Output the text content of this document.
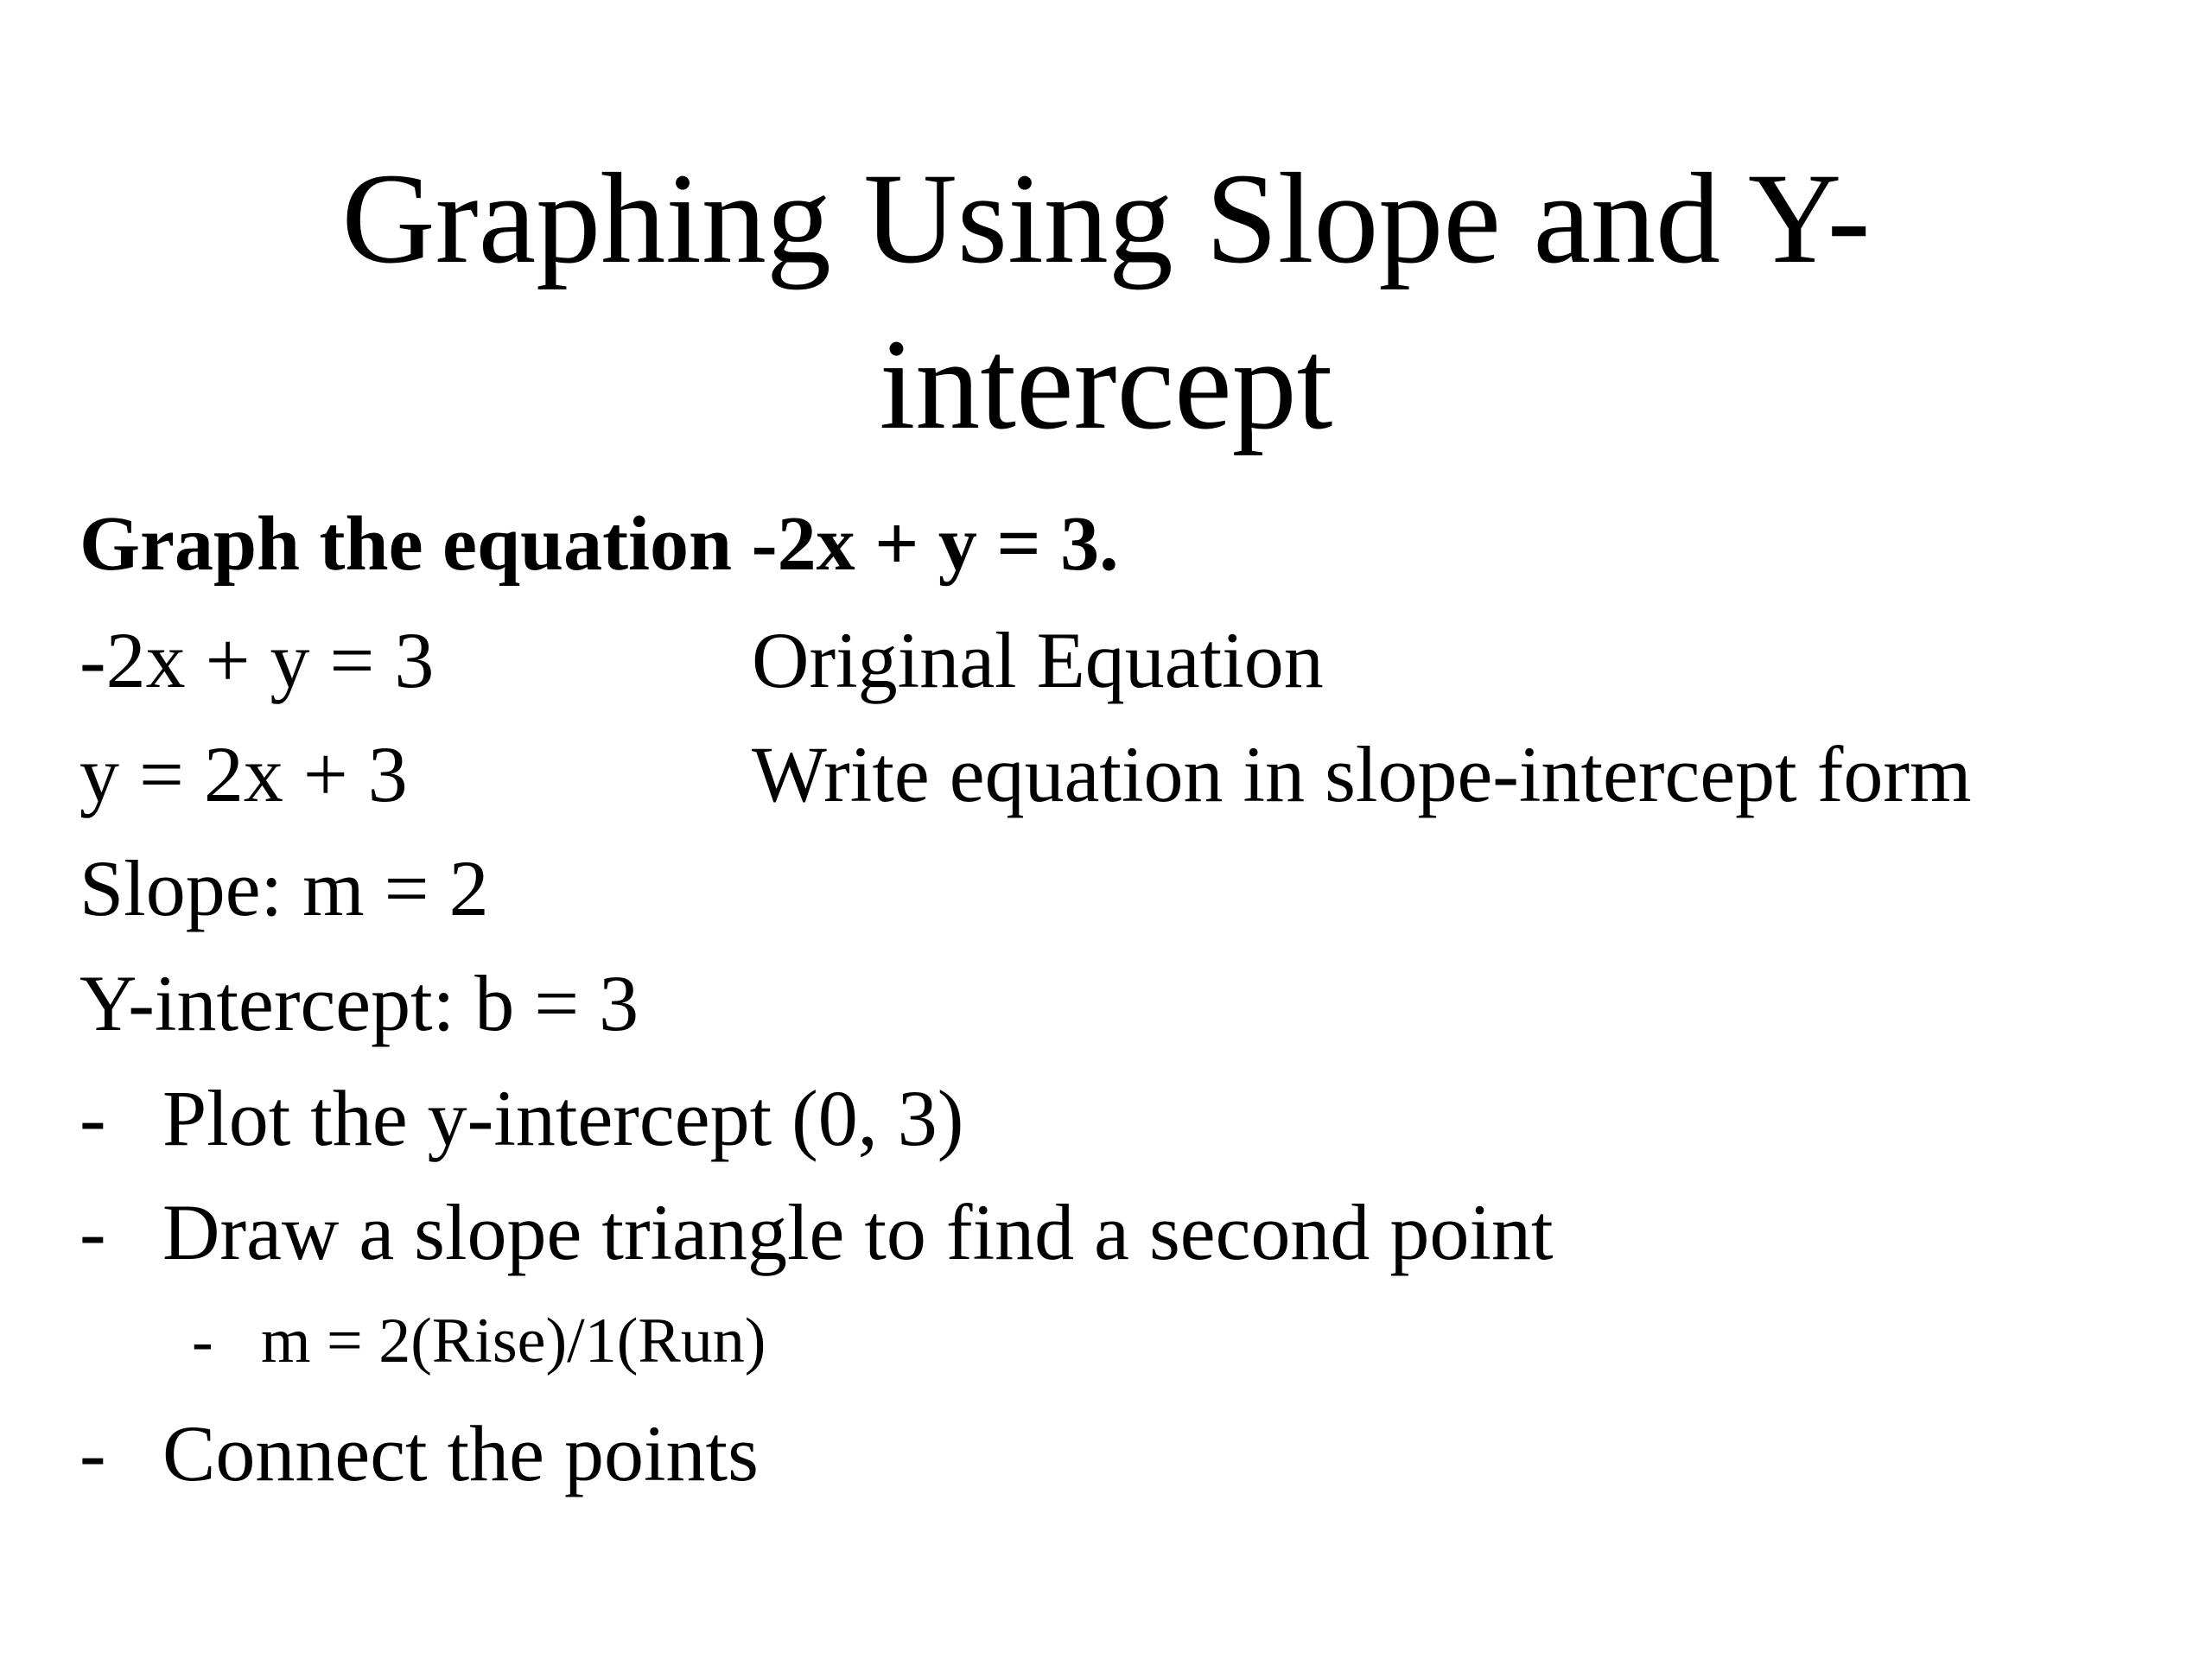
Graphing Using Slope and Y-
intercept
Graph the equation -2x + y = 3.
-2x + y = 3	Original Equation
y = 2x + 3	Write equation in slope-intercept form
Slope: m = 2
Y-intercept: b = 3
- Plot the y-intercept (0, 3)
- Draw a slope triangle to find a second point
- m = 2(Rise)/1(Run)
- Connect the points
